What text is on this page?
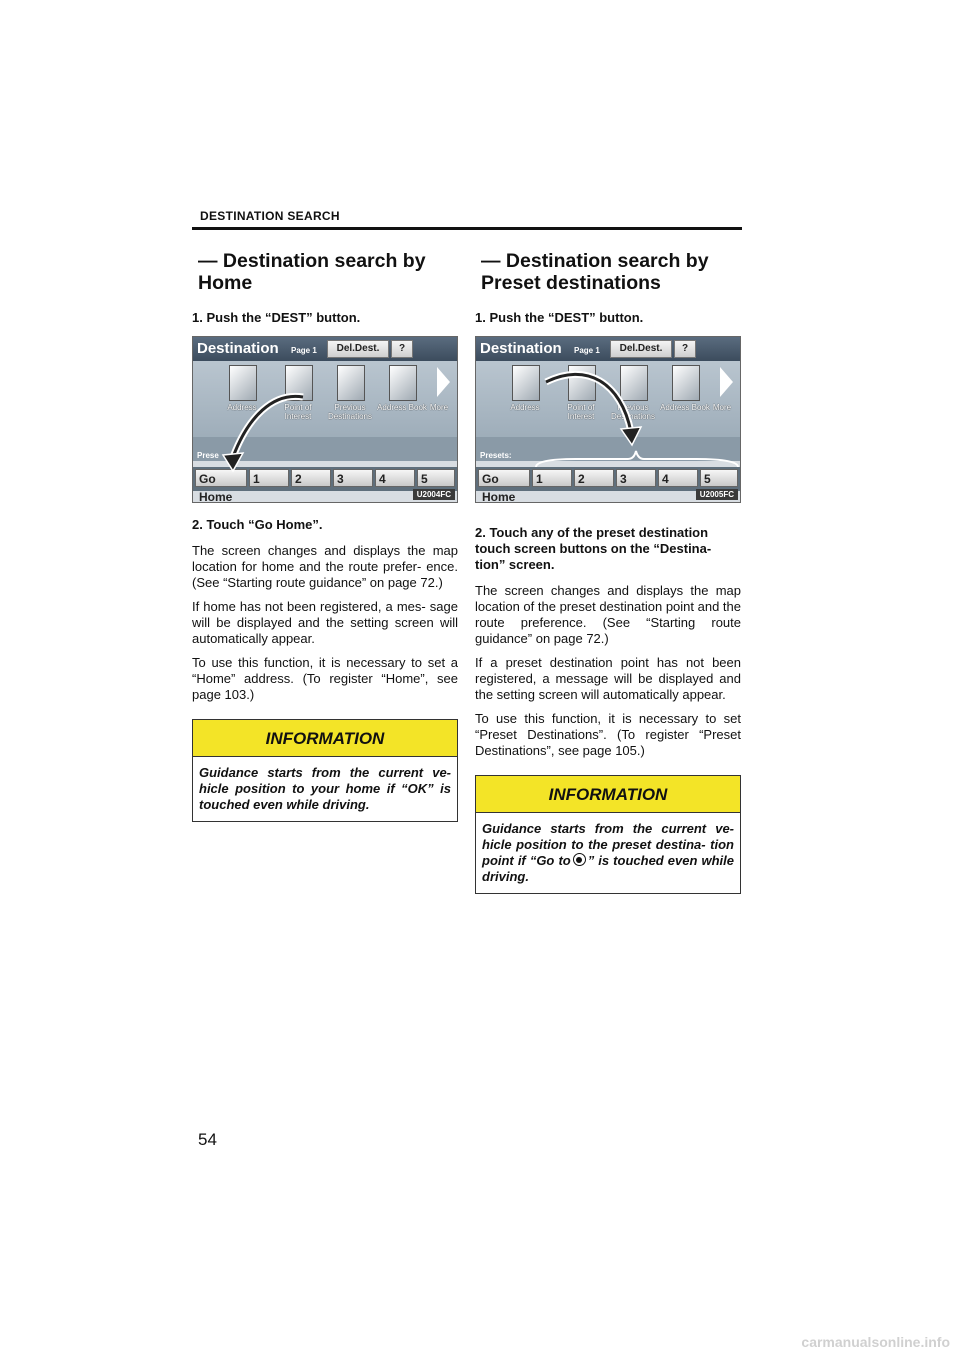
DESTINATION SEARCH
— Destination search by Home
1. Push the “DEST” button.
Destination Page 1	Del.Dest.	?
Address	Point of Interest
Previous Destinations
Address Book More
Prese
Go Home
1	2	3	4	5
U2004FC
2. Touch “Go Home”.

The screen changes and displays the map location for home and the route prefer- ence. (See “Starting route guidance” on page 72.)

If home has not been registered, a mes- sage will be displayed and the setting screen will automatically appear.

To use this function, it is necessary to set a “Home” address. (To register “Home”, see page 103.)

INFORMATION
Guidance starts from the current ve- hicle position to your home if “OK” is touched even while driving.
— Destination search by Preset destinations
1. Push the “DEST” button.
Destination Page 1	Del.Dest.	?
Address	Point of Interest
Previous Destinations
Address Book More
Presets:
Go Home
1	2	3	4	5
U2005FC
2. Touch any of the preset destination touch screen buttons on the “Destina- tion” screen.

The screen changes and displays the map location of the preset destination point and the route preference. (See “Starting route guidance” on page 72.)

If a preset destination point has not been registered, a message will be displayed and the setting screen will automatically appear.

To use this function, it is necessary to set “Preset Destinations”. (To register “Preset Destinations”, see page 105.)

INFORMATION
Guidance starts from the current ve- hicle position to the preset destina- tion point if “Go to ” is touched even while driving.
54
carmanualsonline.info
